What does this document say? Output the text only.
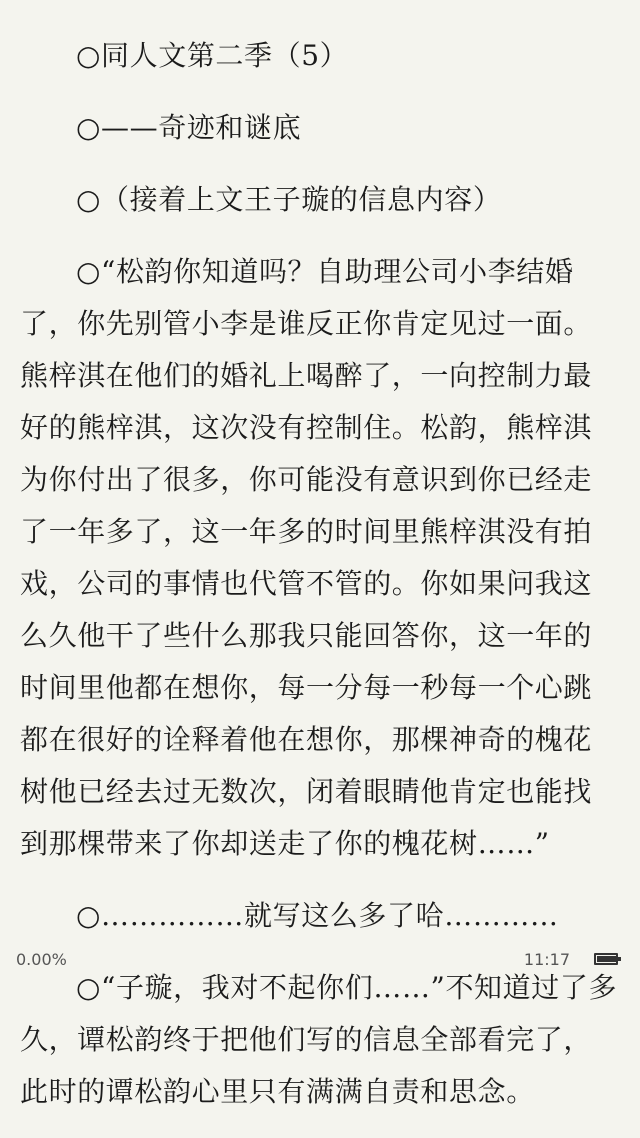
○同人文第二季（5）

○——奇迹和谜底

○（接着上文王子璇的信息内容）

○“松韵你知道吗？自助理公司小李结婚了，你先别管小李是谁反正你肯定见过一面。熊梓淇在他们的婚礼上喝醉了，一向控制力最好的熊梓淇，这次没有控制住。松韵，熊梓淇为你付出了很多，你可能没有意识到你已经走了一年多了，这一年多的时间里熊梓淇没有拍戏，公司的事情也代管不管的。你如果问我这么久他干了些什么那我只能回答你，这一年的时间里他都在想你，每一分每一秒每一个心跳都在很好的诠释着他在想你，那棵神奇的槐花树他已经去过无数次，闭着眼睛他肯定也能找到那棵带来了你却送走了你的槐花树……”

○……………就写这么多了哈…………

○“子璇，我对不起你们……”不知道过了多久，谭松韵终于把他们写的信息全部看完了，此时的谭松韵心里只有满满自责和思念。

0.00%	11:17
